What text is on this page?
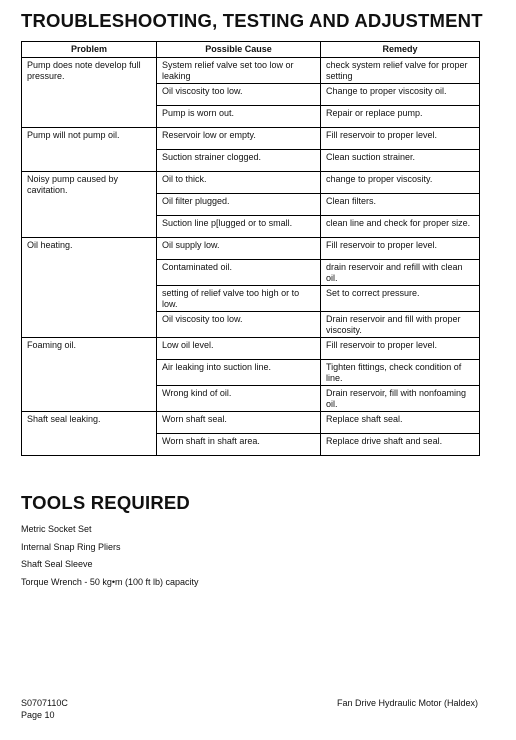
TROUBLESHOOTING, TESTING AND ADJUSTMENT
Problem	Possible Cause	Remedy
Pump does note develop full pressure.	System relief valve set too low or leaking	check system relief valve for proper setting
	Oil viscosity too low.	Change to proper viscosity oil.
	Pump is worn out.	Repair or replace pump.
Pump will not pump oil.	Reservoir low or empty.	Fill reservoir to proper level.
	Suction strainer clogged.	Clean suction strainer.
Noisy pump caused by cavitation.	Oil to thick.	change to proper viscosity.
	Oil filter plugged.	Clean filters.
	Suction line p[lugged or to small.	clean line and check for proper size.
Oil heating.	Oil supply low.	Fill reservoir to proper level.
	Contaminated oil.	drain reservoir and refill with clean oil.
	setting of relief valve too high or to low.	Set to correct pressure.
	Oil viscosity too low.	Drain reservoir and fill with proper viscosity.
Foaming oil.	Low oil level.	Fill reservoir to proper level.
	Air leaking into suction line.	Tighten fittings, check condition of line.
	Wrong kind of oil.	Drain reservoir, fill with nonfoaming oil.
Shaft seal leaking.	Worn shaft seal.	Replace shaft seal.
	Worn shaft in shaft area.	Replace drive shaft and seal.
TOOLS REQUIRED
Metric Socket Set
Internal Snap Ring Pliers
Shaft Seal Sleeve
Torque Wrench - 50 kg•m (100 ft lb) capacity
S0707110C
Page 10
Fan Drive Hydraulic Motor (Haldex)
